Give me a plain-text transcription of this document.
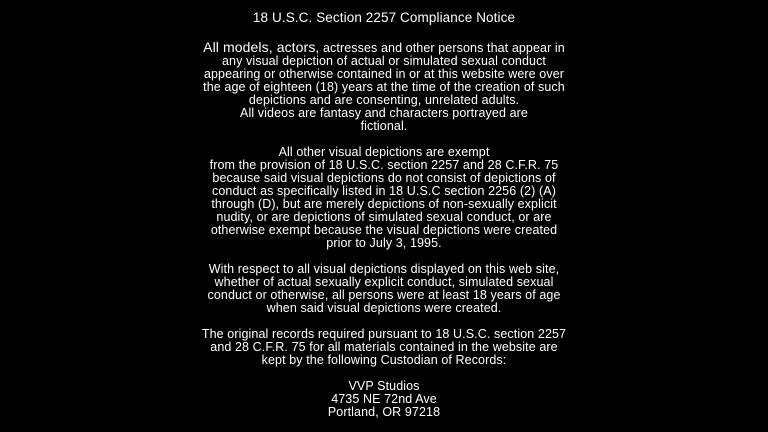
18 U.S.C. Section 2257 Compliance Notice
All models, actors, actresses and other persons that appear in
any visual depiction of actual or simulated sexual conduct
appearing or otherwise contained in or at this website were over
the age of eighteen (18) years at the time of the creation of such
depictions and are consenting, unrelated adults.
All videos are fantasy and characters portrayed are
fictional.
All other visual depictions are exempt
from the provision of 18 U.S.C. section 2257 and 28 C.F.R. 75
because said visual depictions do not consist of depictions of
conduct as specifically listed in 18 U.S.C section 2256 (2) (A)
through (D), but are merely depictions of non-sexually explicit
nudity, or are depictions of simulated sexual conduct, or are
otherwise exempt because the visual depictions were created
prior to July 3, 1995.
With respect to all visual depictions displayed on this web site,
whether of actual sexually explicit conduct, simulated sexual
conduct or otherwise, all persons were at least 18 years of age
when said visual depictions were created.
The original records required pursuant to 18 U.S.C. section 2257
and 28 C.F.R. 75 for all materials contained in the website are
kept by the following Custodian of Records:
VVP Studios
4735 NE 72nd Ave
Portland, OR 97218
